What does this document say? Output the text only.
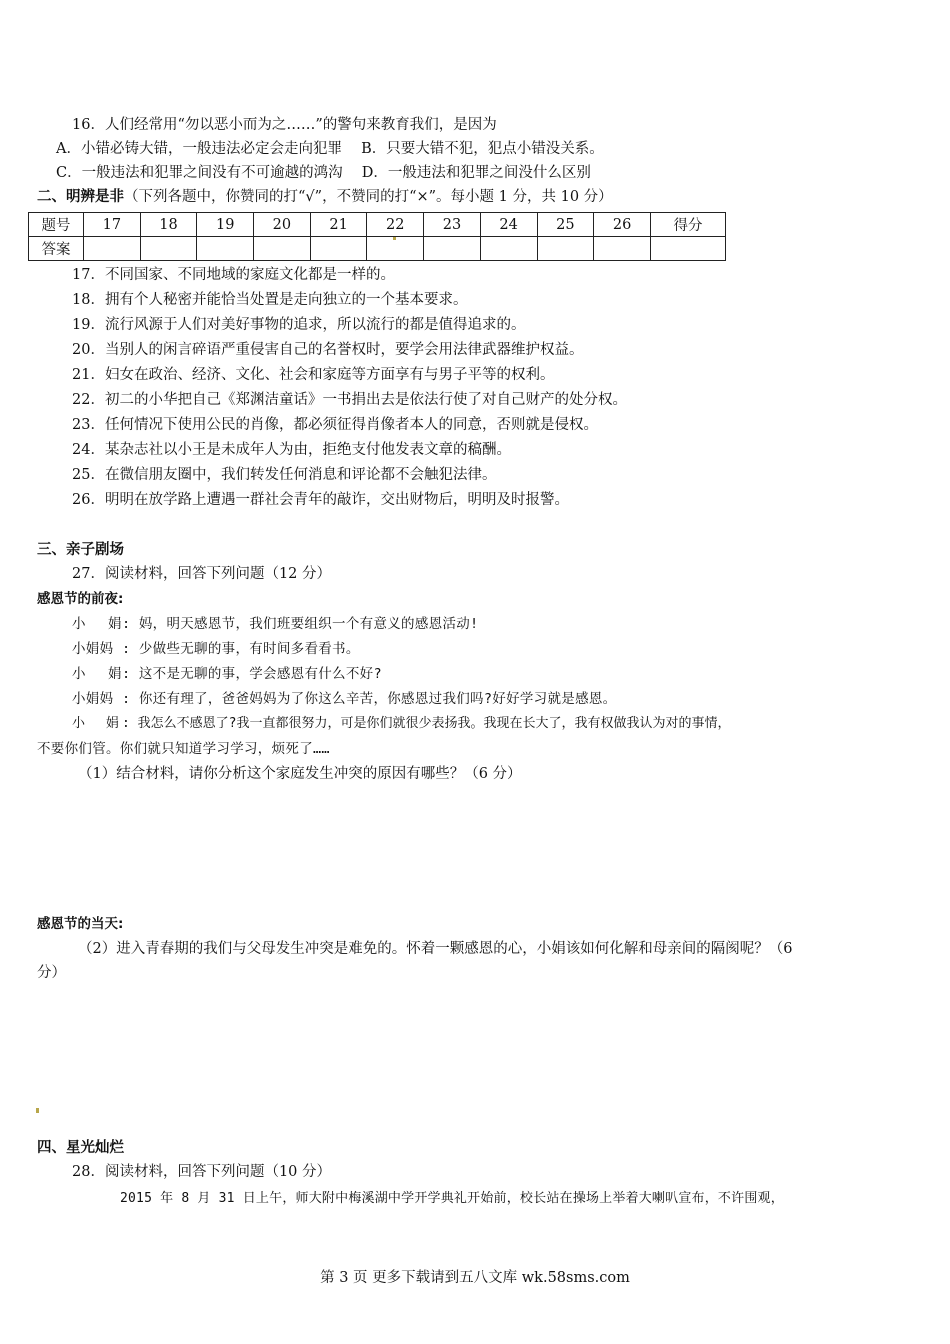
16．人们经常用“勿以恶小而为之……”的警句来教育我们，是因为
A．小错必铸大错，一般违法必定会走向犯罪　 B．只要大错不犯，犯点小错没关系。
C．一般违法和犯罪之间没有不可逾越的鸿沟　 D．一般违法和犯罪之间没什么区别
二、明辨是非（下列各题中，你赞同的打“√”，不赞同的打“×”。每小题 1 分，共 10 分）
题号	17	18	19	20	21	22	23	24	25	26	得分
答案											
17．不同国家、不同地域的家庭文化都是一样的。
18．拥有个人秘密并能恰当处置是走向独立的一个基本要求。
19．流行风源于人们对美好事物的追求，所以流行的都是值得追求的。
20．当别人的闲言碎语严重侵害自己的名誉权时，要学会用法律武器维护权益。
21．妇女在政治、经济、文化、社会和家庭等方面享有与男子平等的权利。
22．初二的小华把自己《郑渊洁童话》一书捐出去是依法行使了对自己财产的处分权。
23．任何情况下使用公民的肖像，都必须征得肖像者本人的同意，否则就是侵权。
24．某杂志社以小王是未成年人为由，拒绝支付他发表文章的稿酬。
25．在微信朋友圈中，我们转发任何消息和评论都不会触犯法律。
26．明明在放学路上遭遇一群社会青年的敲诈，交出财物后，明明及时报警。
三、亲子剧场
27．阅读材料，回答下列问题（12 分）
感恩节的前夜:
小　 娟: 妈，明天感恩节，我们班要组织一个有意义的感恩活动!
小娟妈 : 少做些无聊的事，有时间多看看书。
小　 娟: 这不是无聊的事，学会感恩有什么不好?
小娟妈 : 你还有理了，爸爸妈妈为了你这么辛苦，你感恩过我们吗?好好学习就是感恩。
小　 娟 : 我怎么不感恩了?我一直都很努力，可是你们就很少表扬我。我现在长大了，我有权做我认为对的事情，
不要你们管。你们就只知道学习学习，烦死了……
（1）结合材料，请你分析这个家庭发生冲突的原因有哪些？（6 分）
感恩节的当天:
（2）进入青春期的我们与父母发生冲突是难免的。怀着一颗感恩的心，小娟该如何化解和母亲间的隔阂呢？（6
分）
四、星光灿烂
28．阅读材料，回答下列问题（10 分）
2015 年 8 月 31 日上午，师大附中梅溪湖中学开学典礼开始前，校长站在操场上举着大喇叭宣布，不许围观，
第 3 页 更多下载请到五八文库 wk.58sms.com
